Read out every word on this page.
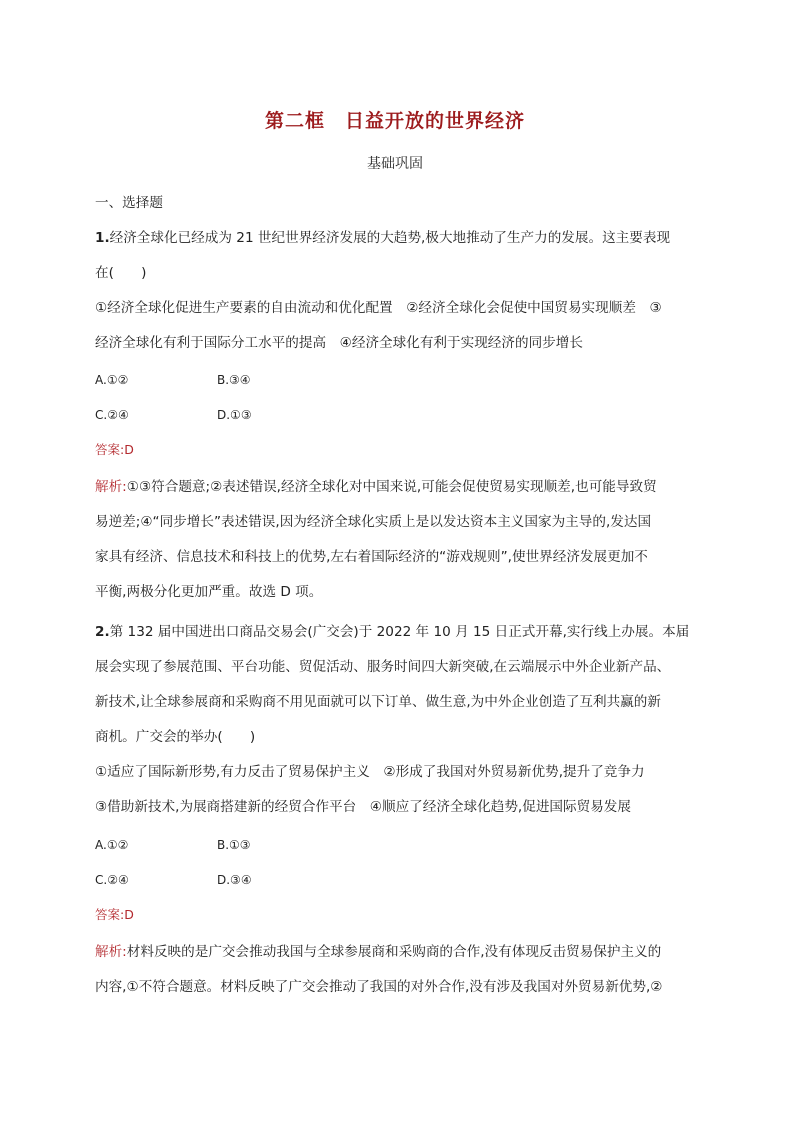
第二框　日益开放的世界经济
基础巩固
一、选择题
1.经济全球化已经成为 21 世纪世界经济发展的大趋势,极大地推动了生产力的发展。这主要表现
在(　　)
①经济全球化促进生产要素的自由流动和优化配置　②经济全球化会促使中国贸易实现顺差　③
经济全球化有利于国际分工水平的提高　④经济全球化有利于实现经济的同步增长
A.①②	B.③④
C.②④	D.①③
答案:D
解析:①③符合题意;②表述错误,经济全球化对中国来说,可能会促使贸易实现顺差,也可能导致贸
易逆差;④“同步增长”表述错误,因为经济全球化实质上是以发达资本主义国家为主导的,发达国
家具有经济、信息技术和科技上的优势,左右着国际经济的“游戏规则”,使世界经济发展更加不
平衡,两极分化更加严重。故选 D 项。
2.第 132 届中国进出口商品交易会(广交会)于 2022 年 10 月 15 日正式开幕,实行线上办展。本届
展会实现了参展范围、平台功能、贸促活动、服务时间四大新突破,在云端展示中外企业新产品、
新技术,让全球参展商和采购商不用见面就可以下订单、做生意,为中外企业创造了互利共赢的新
商机。广交会的举办(　　)
①适应了国际新形势,有力反击了贸易保护主义　②形成了我国对外贸易新优势,提升了竞争力
③借助新技术,为展商搭建新的经贸合作平台　④顺应了经济全球化趋势,促进国际贸易发展
A.①②	B.①③
C.②④	D.③④
答案:D
解析:材料反映的是广交会推动我国与全球参展商和采购商的合作,没有体现反击贸易保护主义的
内容,①不符合题意。材料反映了广交会推动了我国的对外合作,没有涉及我国对外贸易新优势,②
